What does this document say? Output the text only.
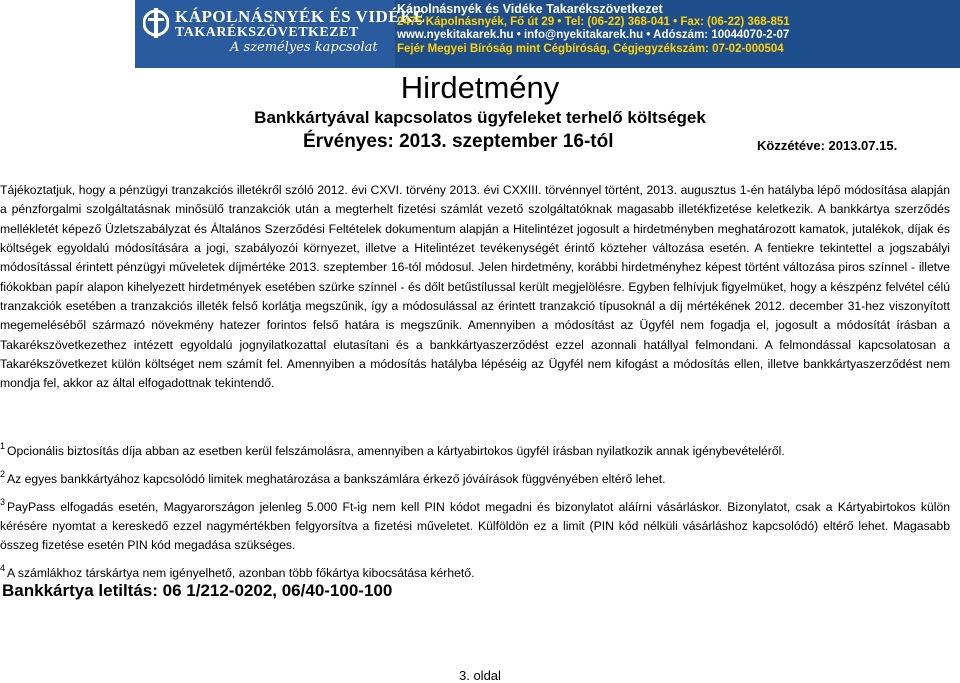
KÁPOLNÁSNYÉK ÉS VIDÉKE
TAKARÉKSZÖVETKEZET
A személyes kapcsolat
Kápolnásnyék és Vidéke Takarékszövetkezet
2475 Kápolnásnyék, Fő út 29 • Tel: (06-22) 368-041 • Fax: (06-22) 368-851
www.nyekitakarek.hu • info@nyekitakarek.hu • Adószám: 10044070-2-07
Fejér Megyei Bíróság mint Cégbíróság, Cégjegyzékszám: 07-02-000504
Hirdetmény
Bankkártyával kapcsolatos ügyfeleket terhelő költségek
Érvényes: 2013. szeptember 16-tól	Közzétéve: 2013.07.15.

Tájékoztatjuk, hogy a pénzügyi tranzakciós illetékről szóló 2012. évi CXVI. törvény 2013. évi CXXIII. törvénnyel történt, 2013. augusztus 1-én hatályba lépő módosítása alapján a pénzforgalmi szolgáltatásnak minősülő tranzakciók után a megterhelt fizetési számlát vezető szolgáltatóknak magasabb illetékfizetése keletkezik. A bankkártya szerződés mellékletét képező Üzletszabályzat és Általános Szerződési Feltételek dokumentum alapján a Hitelintézet jogosult a hirdetményben meghatározott kamatok, jutalékok, díjak és költségek egyoldalú módosítására a jogi, szabályozói környezet, illetve a Hitelintézet tevékenységét érintő közteher változása esetén. A fentiekre tekintettel a jogszabályi módosítással érintett pénzügyi műveletek díjmértéke 2013. szeptember 16-tól módosul. Jelen hirdetmény, korábbi hirdetményhez képest történt változása piros színnel - illetve fiókokban papír alapon kihelyezett hirdetmények esetében szürke színnel - és dőlt betűstílussal került megjelölésre. Egyben felhívjuk figyelmüket, hogy a készpénz felvétel célú tranzakciók esetében a tranzakciós illeték felső korlátja megszűnik, így a módosulással az érintett tranzakció típusoknál a díj mértékének 2012. december 31-hez viszonyított megemeléséből származó növekmény hatezer forintos felső határa is megszűnik. Amennyiben a módosítást az Ügyfél nem fogadja el, jogosult a módosítát írásban a Takarékszövetkezethez intézett egyoldalú jognyilatkozattal elutasítani és a bankkártyaszerződést ezzel azonnali hatállyal felmondani. A felmondással kapcsolatosan a Takarékszövetkezet külön költséget nem számít fel. Amennyiben a módosítás hatályba lépéséig az Ügyfél nem kifogást a módosítás ellen, illetve bankkártyaszerződést nem mondja fel, akkor az által elfogadottnak tekintendő.

$^1$ Opcionális biztosítás díja abban az esetben kerül felszámolásra, amennyiben a kártyabirtokos ügyfél írásban nyilatkozik annak igénybevételéről.

$^2$ Az egyes bankkártyához kapcsolódó limitek meghatározása a bankszámlára érkező jóváírások függvényében eltérő lehet.

$^3$ PayPass elfogadás esetén, Magyarországon jelenleg 5.000 Ft-ig nem kell PIN kódot megadni és bizonylatot aláírni vásárláskor. Bizonylatot, csak a Kártyabirtokos külön kérésére nyomtat a kereskedő ezzel nagymértékben felgyorsítva a fizetési műveletet. Külföldön ez a limit (PIN kód nélküli vásárláshoz kapcsolódó) eltérő lehet. Magasabb összeg fizetése esetén PIN kód megadása szükséges.

$^4$ A számlákhoz társkártya nem igényelhető, azonban több főkártya kibocsátása kérhető.

Bankkártya letiltás: 06 1/212-0202, 06/40-100-100
3. oldal
